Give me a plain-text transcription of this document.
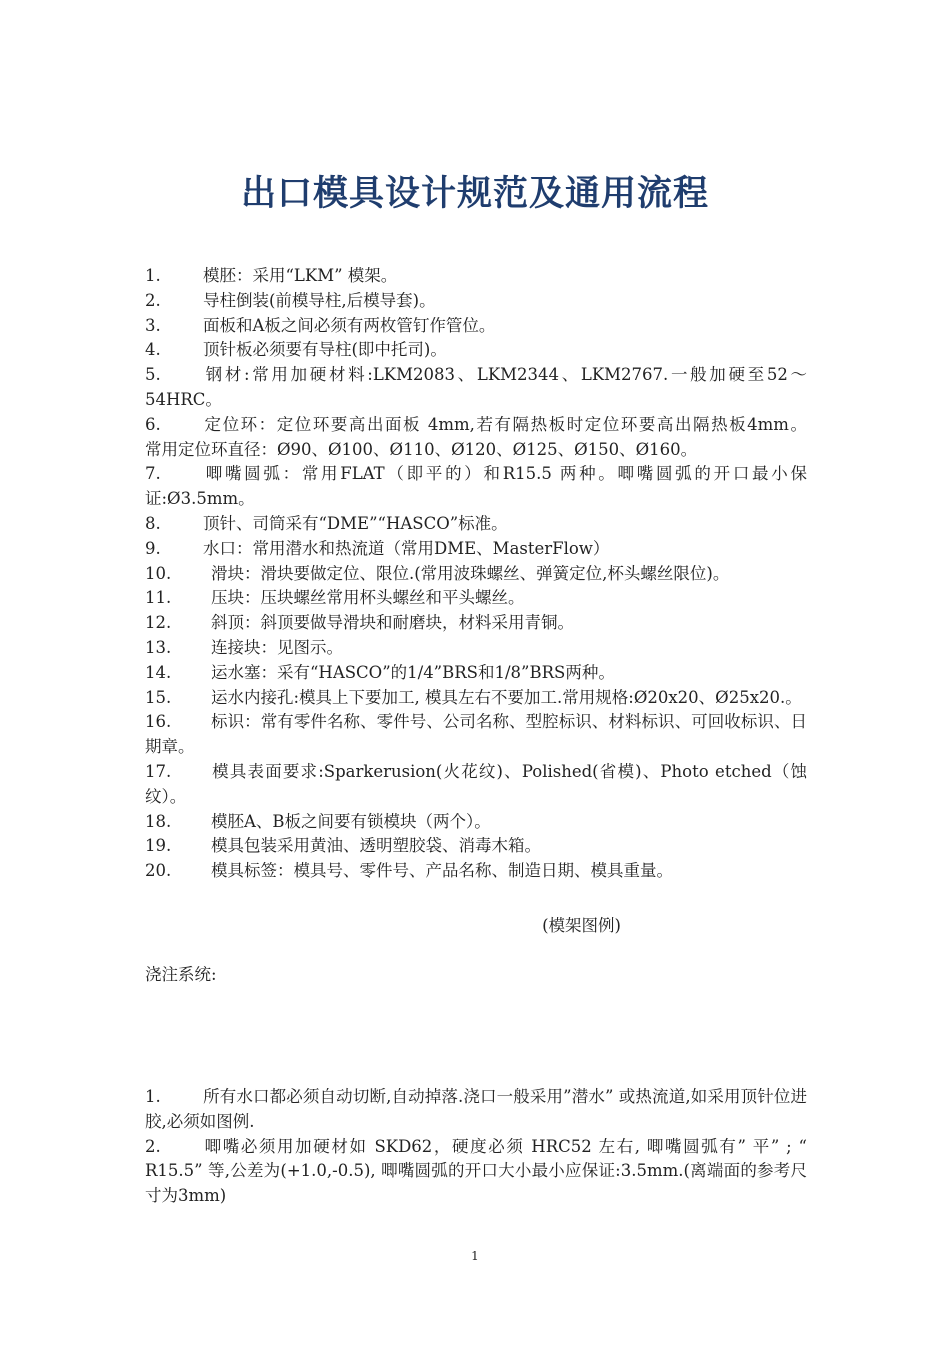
出口模具设计规范及通用流程
1.	模胚：采用“LKM” 模架。
2.	导柱倒装(前模导柱,后模导套)。
3.	面板和A板之间必须有两枚管钉作管位。
4.	顶针板必须要有导柱(即中托司)。
5.	钢材:常用加硬材料:LKM2083、LKM2344、LKM2767.一般加硬至52～54HRC。
6.	定位环：定位环要高出面板 4mm,若有隔热板时定位环要高出隔热板4mm。                    常用定位环直径：Ø90、Ø100、Ø110、Ø120、Ø125、Ø150、Ø160。
7.	唧嘴圆弧：常用FLAT（即平的）和R15.5 两种。唧嘴圆弧的开口最小保证:Ø3.5mm。
8.	顶针、司筒采有“DME”“HASCO”标准。
9.	水口：常用潜水和热流道（常用DME、MasterFlow）
10. 滑块：滑块要做定位、限位.(常用波珠螺丝、弹簧定位,杯头螺丝限位)。
11. 压块：压块螺丝常用杯头螺丝和平头螺丝。
12. 斜顶：斜顶要做导滑块和耐磨块，材料采用青铜。
13. 连接块：见图示。
14. 运水塞：采有“HASCO”的1/4”BRS和1/8”BRS两种。
15. 运水内接孔:模具上下要加工, 模具左右不要加工.常用规格:Ø20x20、Ø25x20.。
16. 标识：常有零件名称、零件号、公司名称、型腔标识、材料标识、可回收标识、日期章。
17. 模具表面要求:Sparkerusion(火花纹)、Polished(省模)、Photo etched（蚀纹）。
18. 模胚A、B板之间要有锁模块（两个）。
19. 模具包装采用黄油、透明塑胶袋、消毒木箱。
20. 模具标签：模具号、零件号、产品名称、制造日期、模具重量。
(模架图例)
浇注系统:
1.	所有水口都必须自动切断,自动掉落.浇口一般采用”潜水” 或热流道,如采用顶针位进胶,必须如图例.
2.	唧嘴必须用加硬材如 SKD62，硬度必须 HRC52 左右, 唧嘴圆弧有” 平” ; “ R15.5” 等,公差为(+1.0,-0.5), 唧嘴圆弧的开口大小最小应保证:3.5mm.(离端面的参考尺寸为3mm)
1
